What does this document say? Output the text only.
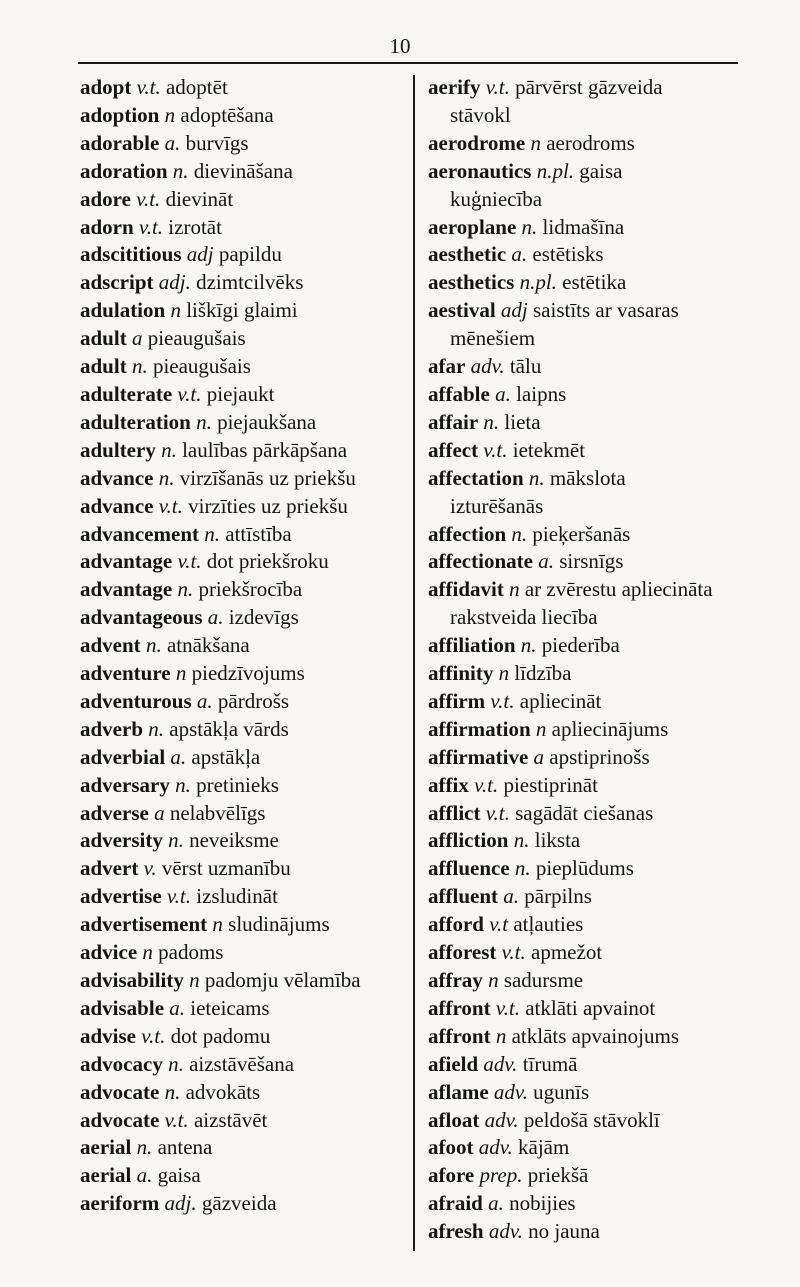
10
adopt v.t. adoptēt
adoption n adoptēšana
adorable a. burvīgs
adoration n. dievināšana
adore v.t. dievināt
adorn v.t. izrotāt
adscititious adj papildu
adscript adj. dzimtcilvēks
adulation n liškīgi glaimi
adult a pieaugušais
adult n. pieaugušais
adulterate v.t. piejaukt
adulteration n. piejaukšana
adultery n. laulības pārkāpšana
advance n. virzīšanās uz priekšu
advance v.t. virzīties uz priekšu
advancement n. attīstība
advantage v.t. dot priekšroku
advantage n. priekšrocība
advantageous a. izdevīgs
advent n. atnākšana
adventure n piedzīvojums
adventurous a. pārdrošs
adverb n. apstākļa vārds
adverbial a. apstākļa
adversary n. pretinieks
adverse a nelabvēlīgs
adversity n. neveiksme
advert v. vērst uzmanību
advertise v.t. izsludināt
advertisement n sludinājums
advice n padoms
advisability n padomju vēlamība
advisable a. ieteicams
advise v.t. dot padomu
advocacy n. aizstāvēšana
advocate n. advokāts
advocate v.t. aizstāvēt
aerial n. antena
aerial a. gaisa
aeriform adj. gāzveida
aerify v.t. pārvērst gāzveida
stāvokl
aerodrome n aerodroms
aeronautics n.pl. gaisa
kuģniecība
aeroplane n. lidmašīna
aesthetic a. estētisks
aesthetics n.pl. estētika
aestival adj saistīts ar vasaras
mēnešiem
afar adv. tālu
affable a. laipns
affair n. lieta
affect v.t. ietekmēt
affectation n. mākslota
izturēšanās
affection n. pieķeršanās
affectionate a. sirsnīgs
affidavit n ar zvērestu apliecināta
rakstveida liecība
affiliation n. piederība
affinity n līdzība
affirm v.t. apliecināt
affirmation n apliecinājums
affirmative a apstiprinošs
affix v.t. piestiprināt
afflict v.t. sagādāt ciešanas
affliction n. liksta
affluence n. pieplūdums
affluent a. pārpilns
afford v.t atļauties
afforest v.t. apmežot
affray n sadursme
affront v.t. atklāti apvainot
affront n atklāts apvainojums
afield adv. tīrumā
aflame adv. ugunīs
afloat adv. peldošā stāvoklī
afoot adv. kājām
afore prep. priekšā
afraid a. nobijies
afresh adv. no jauna
